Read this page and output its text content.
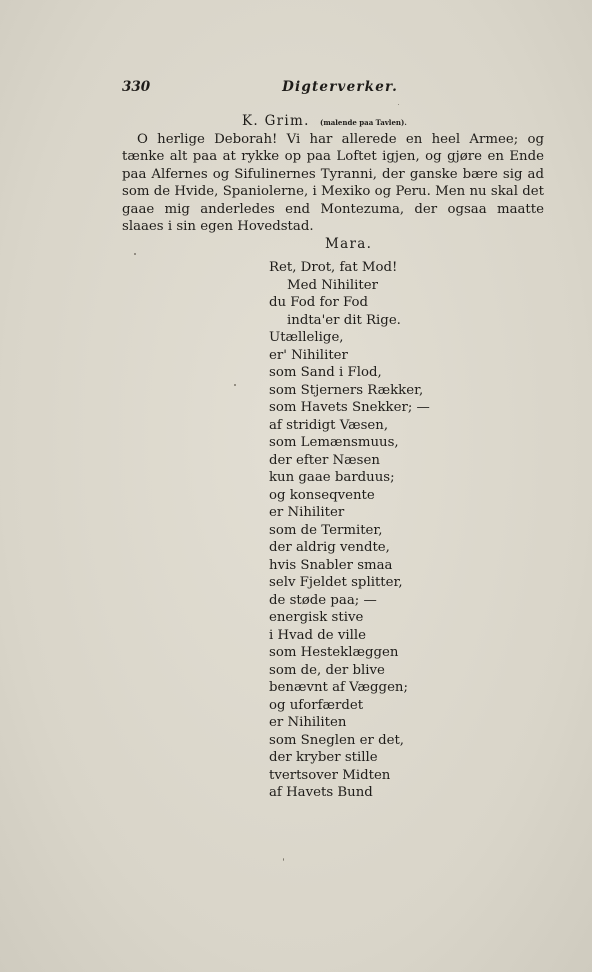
330	Digterverker.
K. Grim. (malende paa Tavlen).

O herlige Deborah! Vi har allerede en heel Armee; og tænke alt paa at rykke op paa Loftet igjen, og gjøre en Ende paa Alfernes og Sifulinernes Tyranni, der ganske bære sig ad som de Hvide, Spaniolerne, i Mexiko og Peru. Men nu skal det gaae mig anderledes end Montezuma, der ogsaa maatte slaaes i sin egen Hovedstad.

Mara.
Ret, Drot, fat Mod!
Med Nihiliter
du Fod for Fod
indta'er dit Rige.
Utællelige,
er' Nihiliter
som Sand i Flod,
som Stjerners Rækker,
som Havets Snekker; —
af stridigt Væsen,
som Lemænsmuus,
der efter Næsen
kun gaae barduus;
og konseqvente
er Nihiliter
som de Termiter,
der aldrig vendte,
hvis Snabler smaa
selv Fjeldet splitter,
de støde paa; —
energisk stive
i Hvad de ville
som Hesteklæggen
som de, der blive
benævnt af Væggen;
og uforfærdet
er Nihiliten
som Sneglen er det,
der kryber stille
tvertsover Midten
af Havets Bund
